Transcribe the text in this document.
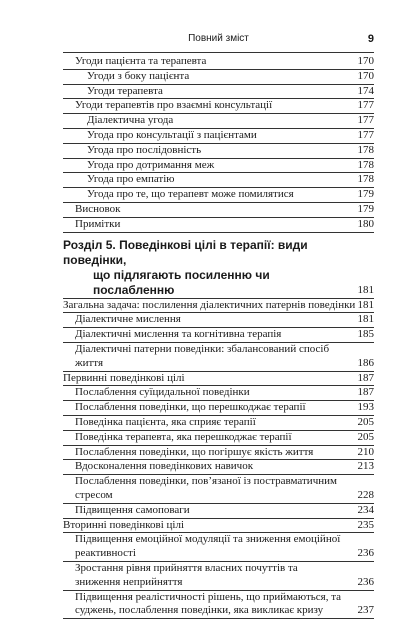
Повний зміст	9
Угоди пацієнта та терапевта	170
Угоди з боку пацієнта	170
Угоди терапевта	174
Угоди терапевтів про взаємні консультації	177
Діалектична угода	177
Угода про консультації з пацієнтами	177
Угода про послідовність	178
Угода про дотримання меж	178
Угода про емпатію	178
Угода про те, що терапевт може помилятися	179
Висновок	179
Примітки	180
Розділ 5. Поведінкові цілі в терапії: види поведінки,
що підлягають посиленню чи послабленню	181
Загальна задача: послилення діалектичних патернів поведінки 181
Діалектичне мислення	181
Діалектичні мислення та когнітивна терапія	185
Діалектичні патерни поведінки: збалансований спосіб життя	186
Первинні поведінкові цілі	187
Послаблення суїцидальної поведінки	187
Послаблення поведінки, що перешкоджає терапії	193
Поведінка пацієнта, яка сприяє терапії	205
Поведінка терапевта, яка перешкоджає терапії	205
Послаблення поведінки, що погіршує якість життя	210
Вдосконалення поведінкових навичок	213
Послаблення поведінки, пов’язаної із постравматичним стресом	228
Підвищення самоповаги	234
Вторинні поведінкові цілі	235
Підвищення емоційної модуляції та зниження емоційної реактивності	236
Зростання рівня прийняття власних почуттів та зниження неприйняття	236
Підвищення реалістичності рішень, що приймаються, та суджень, послаблення поведінки, яка викликає кризу	237
